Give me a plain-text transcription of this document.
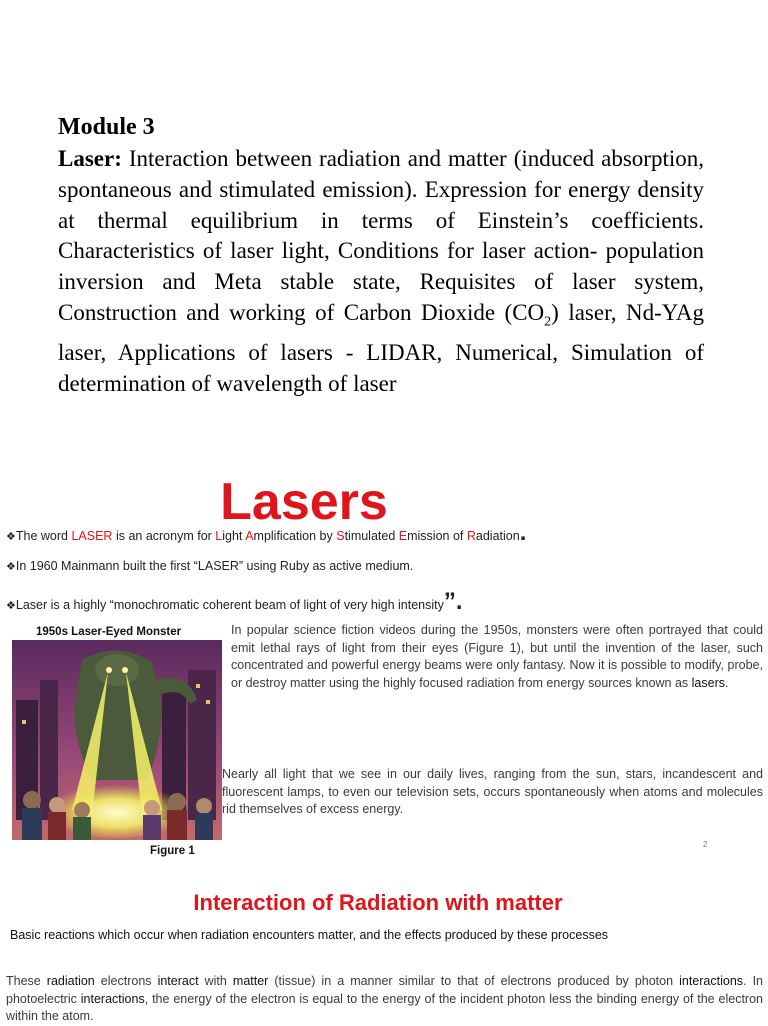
Module 3
Laser: Interaction between radiation and matter (induced absorption, spontaneous and stimulated emission). Expression for energy density at thermal equilibrium in terms of Einstein’s coefficients. Characteristics of laser light, Conditions for laser action- population inversion and Meta stable state, Requisites of laser system, Construction and working of Carbon Dioxide $(CO_2)$ laser, Nd-YAg laser, Applications of lasers - LIDAR, Numerical, Simulation of determination of wavelength of laser
Lasers
❖The word LASER is an acronym for Light Amplification by Stimulated Emission of Radiation.
❖In 1960 Mainmann built the first “LASER” using Ruby as active medium.
❖Laser is a highly “monochromatic coherent beam of light of very high intensity”.
1950s Laser-Eyed Monster
Figure 1
In popular science fiction videos during the 1950s, monsters were often portrayed that could emit lethal rays of light from their eyes (Figure 1), but until the invention of the laser, such concentrated and powerful energy beams were only fantasy. Now it is possible to modify, probe, or destroy matter using the highly focused radiation from energy sources known as lasers.
Nearly all light that we see in our daily lives, ranging from the sun, stars, incandescent and fluorescent lamps, to even our television sets, occurs spontaneously when atoms and molecules rid themselves of excess energy.
2
Interaction of Radiation with matter
Basic reactions which occur when radiation encounters matter, and the effects produced by these processes
These radiation electrons interact with matter (tissue) in a manner similar to that of electrons produced by photon interactions. In photoelectric interactions, the energy of the electron is equal to the energy of the incident photon less the binding energy of the electron within the atom.
